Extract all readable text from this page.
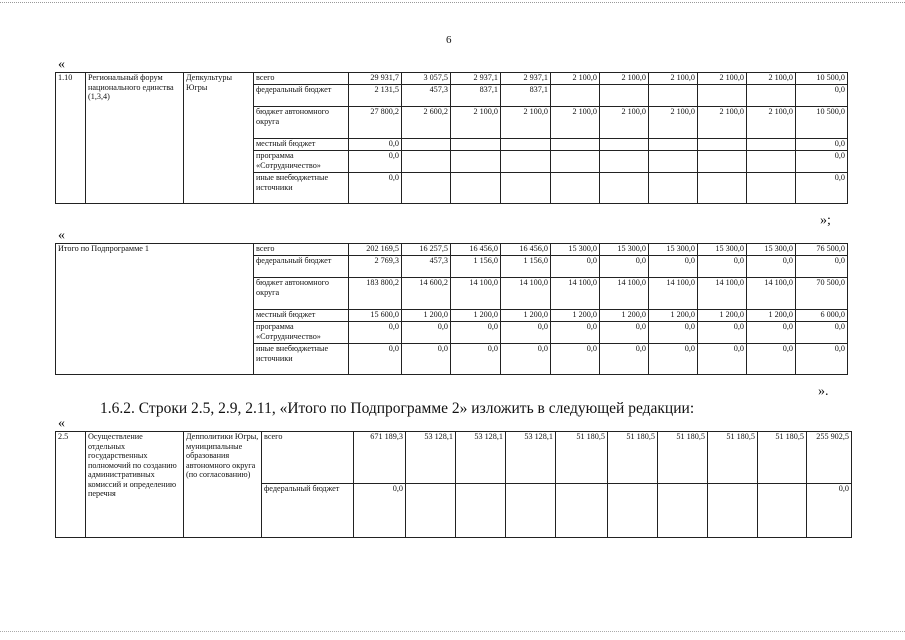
6
«
1.10	Региональный форум национального единства (1,3,4)	Депкультуры Югры	всего	29 931,7	3 057,5	2 937,1	2 937,1	2 100,0	2 100,0	2 100,0	2 100,0	2 100,0	10 500,0
			федеральный бюджет	2 131,5	457,3	837,1	837,1						0,0
			бюджет автономного округа	27 800,2	2 600,2	2 100,0	2 100,0	2 100,0	2 100,0	2 100,0	2 100,0	2 100,0	10 500,0
			местный бюджет	0,0									0,0
			программа «Сотрудничество»	0,0									0,0
			иные внебюджетные источники	0,0									0,0
»;
«
Итого по Подпрограмме 1	всего	202 169,5	16 257,5	16 456,0	16 456,0	15 300,0	15 300,0	15 300,0	15 300,0	15 300,0	76 500,0
	федеральный бюджет	2 769,3	457,3	1 156,0	1 156,0	0,0	0,0	0,0	0,0	0,0	0,0
	бюджет автономного округа	183 800,2	14 600,2	14 100,0	14 100,0	14 100,0	14 100,0	14 100,0	14 100,0	14 100,0	70 500,0
	местный бюджет	15 600,0	1 200,0	1 200,0	1 200,0	1 200,0	1 200,0	1 200,0	1 200,0	1 200,0	6 000,0
	программа «Сотрудничество»	0,0	0,0	0,0	0,0	0,0	0,0	0,0	0,0	0,0	0,0
	иные внебюджетные источники	0,0	0,0	0,0	0,0	0,0	0,0	0,0	0,0	0,0	0,0
».
1.6.2. Строки 2.5, 2.9, 2.11, «Итого по Подпрограмме 2» изложить в следующей редакции:
«
2.5	Осуществление отдельных государственных полномочий по созданию административных комиссий и определению перечня	Депполитики Югры, муниципальные образования автономного округа (по согласованию)	всего	671 189,3	53 128,1	53 128,1	53 128,1	51 180,5	51 180,5	51 180,5	51 180,5	51 180,5	255 902,5
			федеральный бюджет	0,0									0,0
